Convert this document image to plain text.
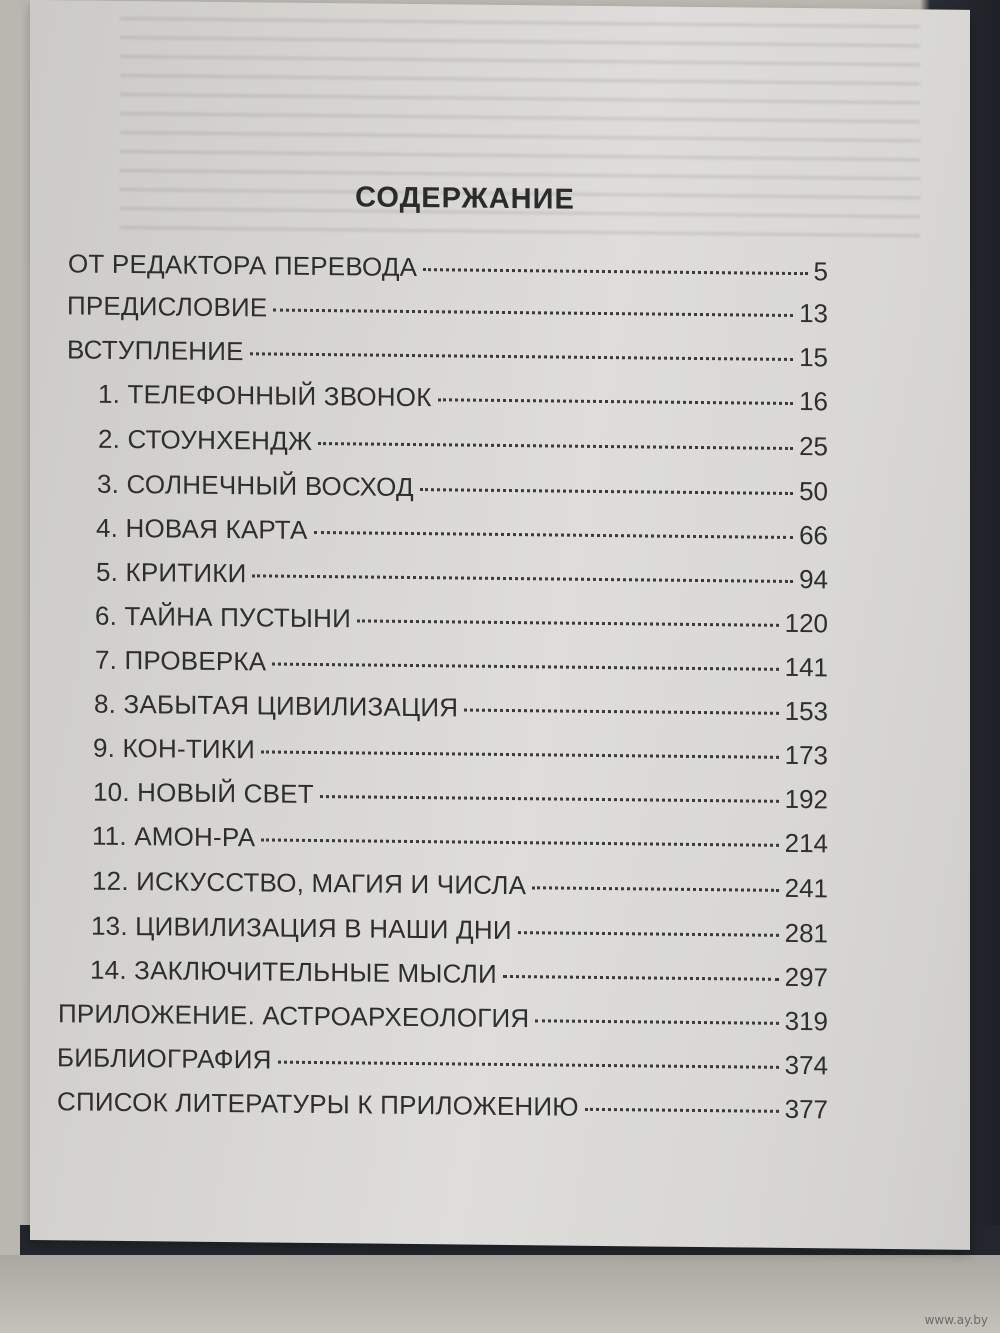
СОДЕРЖАНИЕ
ОТ РЕДАКТОРА ПЕРЕВОДА	5
ПРЕДИСЛОВИЕ	13
ВСТУПЛЕНИЕ	15
1. ТЕЛЕФОННЫЙ ЗВОНОК	16
2. СТОУНХЕНДЖ	25
3. СОЛНЕЧНЫЙ ВОСХОД	50
4. НОВАЯ КАРТА	66
5. КРИТИКИ	94
6. ТАЙНА ПУСТЫНИ	120
7. ПРОВЕРКА	141
8. ЗАБЫТАЯ ЦИВИЛИЗАЦИЯ	153
9. КОН-ТИКИ	173
10. НОВЫЙ СВЕТ	192
11. АМОН-РА	214
12. ИСКУССТВО, МАГИЯ И ЧИСЛА	241
13. ЦИВИЛИЗАЦИЯ В НАШИ ДНИ	281
14. ЗАКЛЮЧИТЕЛЬНЫЕ МЫСЛИ	297
ПРИЛОЖЕНИЕ. АСТРОАРХЕОЛОГИЯ	319
БИБЛИОГРАФИЯ	374
СПИСОК ЛИТЕРАТУРЫ К ПРИЛОЖЕНИЮ	377
www.ay.by
